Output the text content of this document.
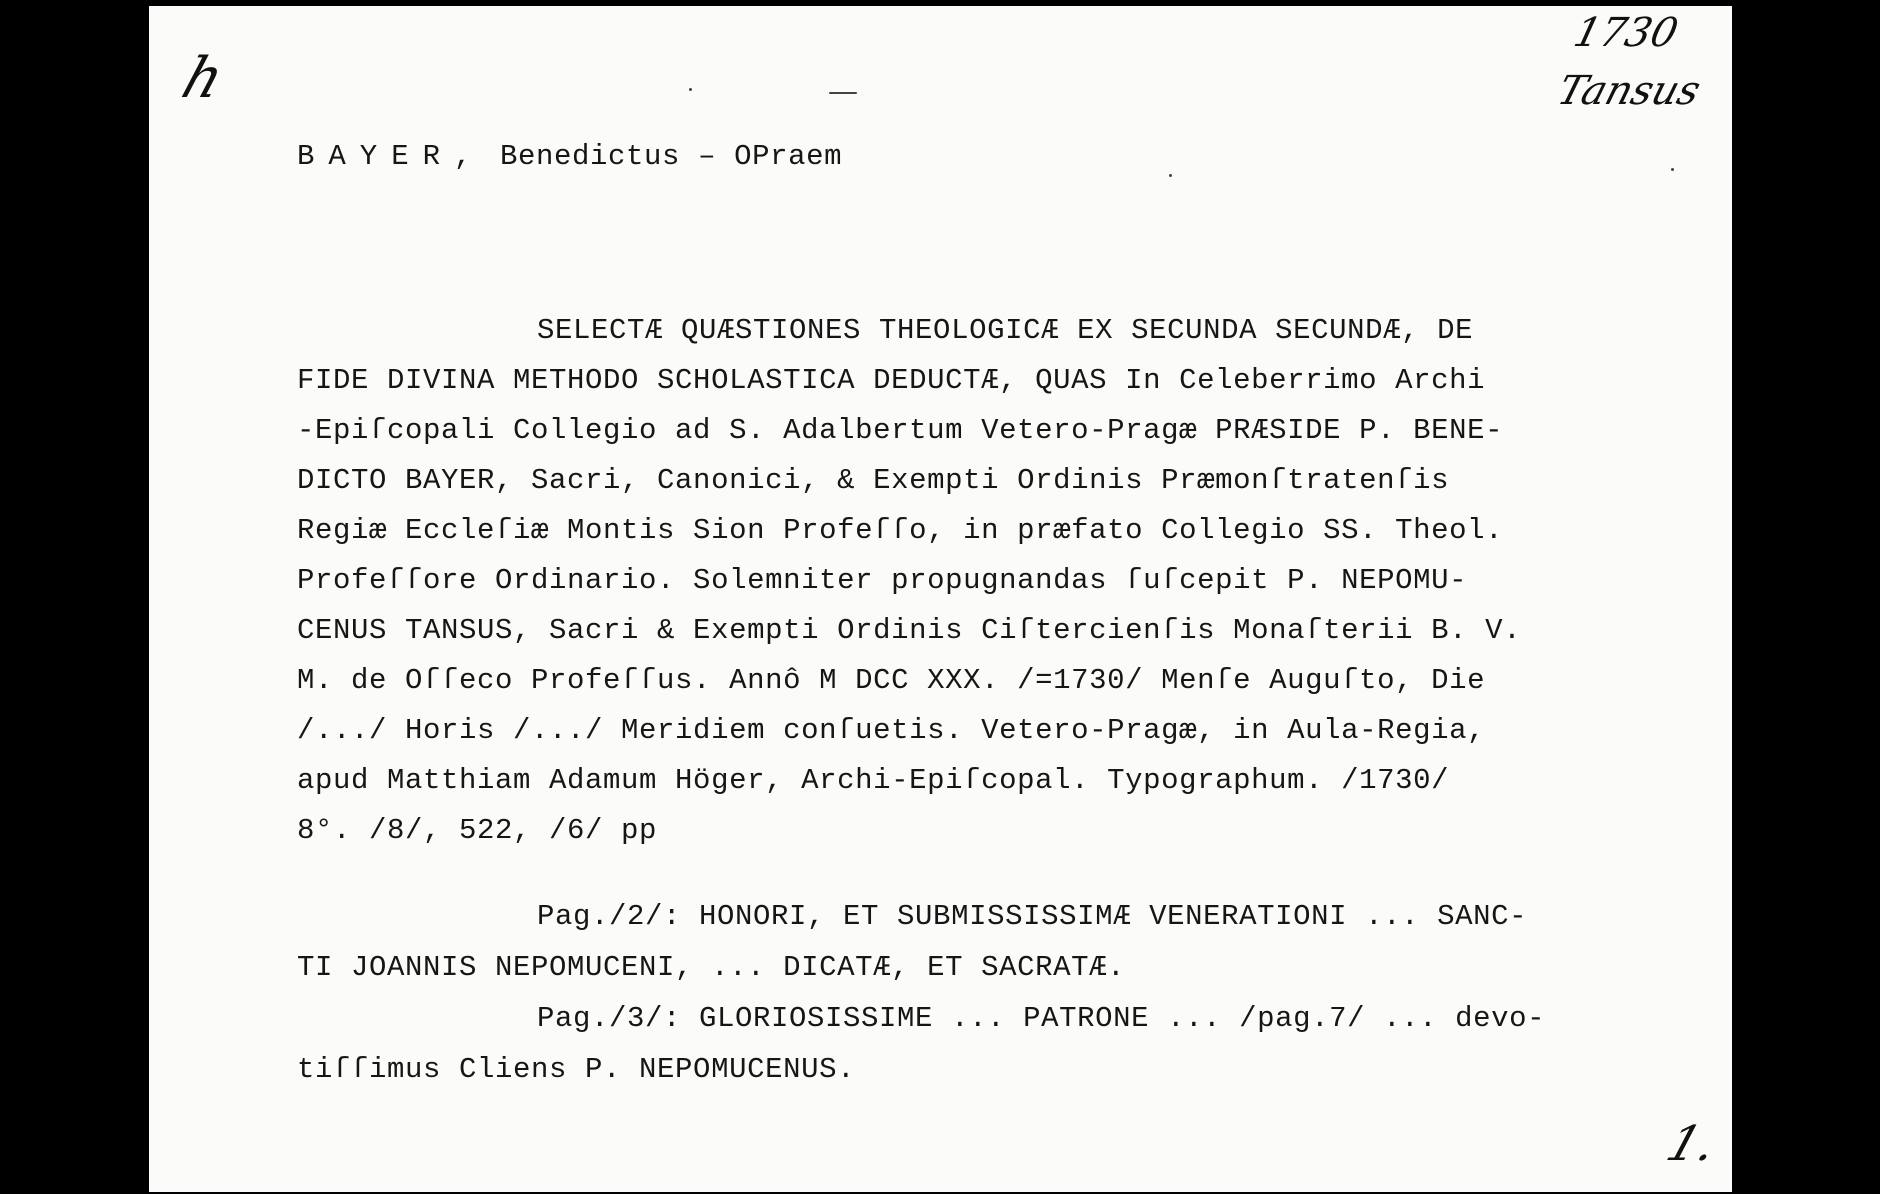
h
1730
Tansus
1.
BAYER, Benedictus – OPraem
SELECTÆ QUÆSTIONES THEOLOGICÆ EX SECUNDA SECUNDÆ, DE
FIDE DIVINA METHODO SCHOLASTICA DEDUCTÆ, QUAS In Celeberrimo Archi
-Epiſcopali Collegio ad S. Adalbertum Vetero-Pragæ PRÆSIDE P. BENE-
DICTO BAYER, Sacri, Canonici, & Exempti Ordinis Præmonſtratenſis
Regiæ Eccleſiæ Montis Sion Profeſſo, in præfato Collegio SS. Theol.
Profeſſore Ordinario. Solemniter propugnandas ſuſcepit P. NEPOMU-
CENUS TANSUS, Sacri & Exempti Ordinis Ciſtercienſis Monaſterii B. V.
M. de Oſſeco Profeſſus. Annô M DCC XXX. /=1730/ Menſe Auguſto, Die
/.../ Horis /.../ Meridiem conſuetis. Vetero-Pragæ, in Aula-Regia,
apud Matthiam Adamum Höger, Archi-Epiſcopal. Typographum. /1730/
8°. /8/, 522, /6/ pp
Pag./2/: HONORI, ET SUBMISSISSIMÆ VENERATIONI ... SANC-
TI JOANNIS NEPOMUCENI, ... DICATÆ, ET SACRATÆ.
Pag./3/: GLORIOSISSIME ... PATRONE ... /pag.7/ ... devo-
tiſſimus Cliens P. NEPOMUCENUS.
